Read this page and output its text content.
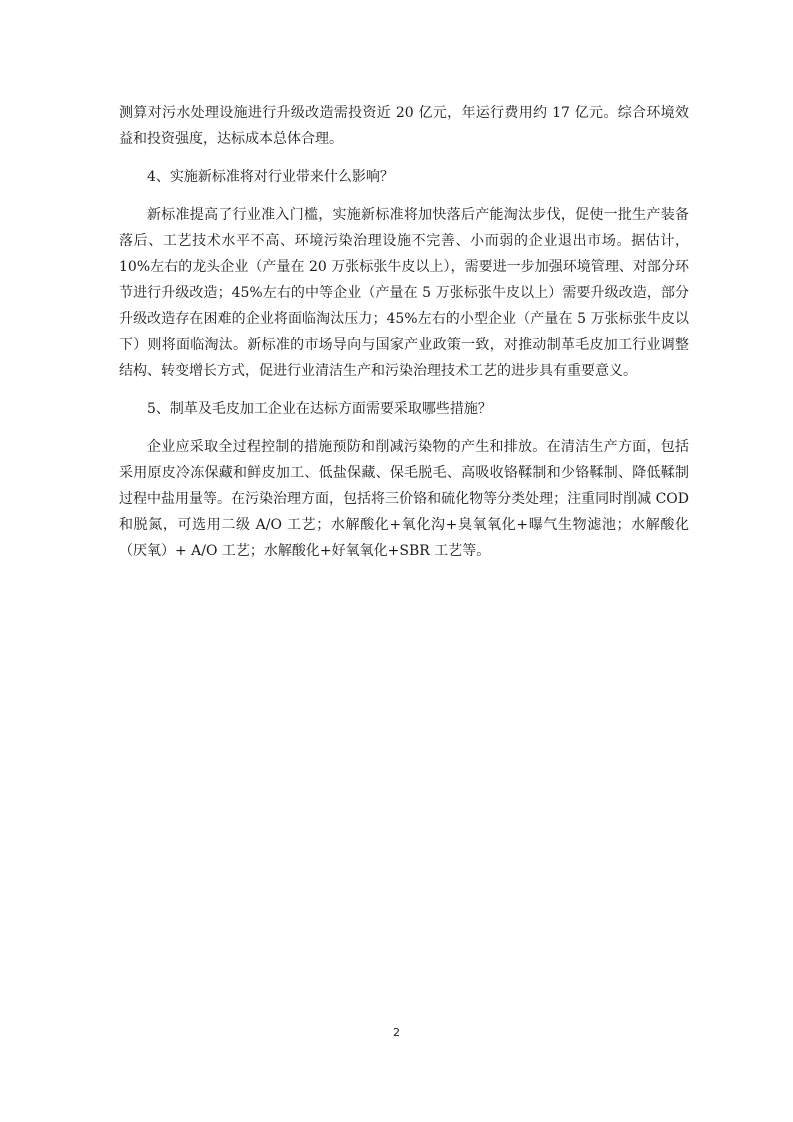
测算对污水处理设施进行升级改造需投资近 20 亿元，年运行费用约 17 亿元。综合环境效益和投资强度，达标成本总体合理。

4、实施新标准将对行业带来什么影响？

新标准提高了行业准入门槛，实施新标准将加快落后产能淘汰步伐，促使一批生产装备落后、工艺技术水平不高、环境污染治理设施不完善、小而弱的企业退出市场。据估计，10%左右的龙头企业（产量在 20 万张标张牛皮以上），需要进一步加强环境管理、对部分环节进行升级改造；45%左右的中等企业（产量在 5 万张标张牛皮以上）需要升级改造，部分升级改造存在困难的企业将面临淘汰压力；45%左右的小型企业（产量在 5 万张标张牛皮以下）则将面临淘汰。新标准的市场导向与国家产业政策一致，对推动制革毛皮加工行业调整结构、转变增长方式，促进行业清洁生产和污染治理技术工艺的进步具有重要意义。

5、制革及毛皮加工企业在达标方面需要采取哪些措施？

企业应采取全过程控制的措施预防和削减污染物的产生和排放。在清洁生产方面，包括采用原皮冷冻保藏和鲜皮加工、低盐保藏、保毛脱毛、高吸收铬鞣制和少铬鞣制、降低鞣制过程中盐用量等。在污染治理方面，包括将三价铬和硫化物等分类处理；注重同时削减 COD 和脱氮，可选用二级 A/O 工艺；水解酸化+氧化沟+臭氧氧化+曝气生物滤池；水解酸化（厌氧）+ A/O 工艺；水解酸化+好氧氧化+SBR 工艺等。

2
